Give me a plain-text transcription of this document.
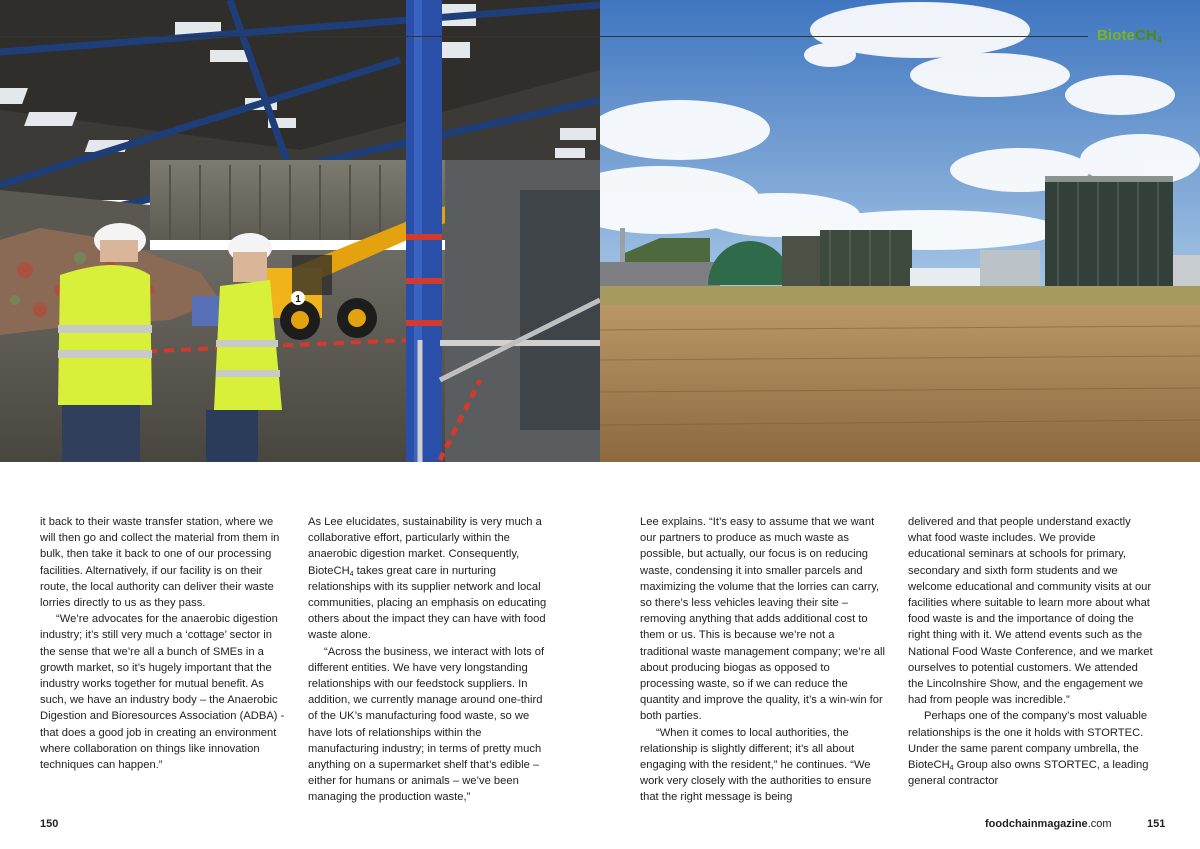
1
BioteCH$_4$

it back to their waste transfer station, where we will then go and collect the material from them in bulk, then take it back to one of our processing facilities. Alternatively, if our facility is on their route, the local authority can deliver their waste lorries directly to us as they pass.

“We’re advocates for the anaerobic digestion industry; it’s still very much a ‘cottage’ sector in the sense that we’re all a bunch of SMEs in a growth market, so it’s hugely important that the industry works together for mutual benefit. As such, we have an industry body – the Anaerobic Digestion and Bioresources Association (ADBA) - that does a good job in creating an environment where collaboration on things like innovation techniques can happen.”

As Lee elucidates, sustainability is very much a collaborative effort, particularly within the anaerobic digestion market. Consequently, BioteCH4 takes great care in nurturing relationships with its supplier network and local communities, placing an emphasis on educating others about the impact they can have with food waste alone.

“Across the business, we interact with lots of different entities. We have very longstanding relationships with our feedstock suppliers. In addition, we currently manage around one-third of the UK’s manufacturing food waste, so we have lots of relationships within the manufacturing industry; in terms of pretty much anything on a supermarket shelf that’s edible – either for humans or animals – we’ve been managing the production waste,”

Lee explains. “It’s easy to assume that we want our partners to produce as much waste as possible, but actually, our focus is on reducing waste, condensing it into smaller parcels and maximizing the volume that the lorries can carry, so there’s less vehicles leaving their site – removing anything that adds additional cost to them or us. This is because we’re not a traditional waste management company; we’re all about producing biogas as opposed to processing waste, so if we can reduce the quantity and improve the quality, it’s a win-win for both parties.

“When it comes to local authorities, the relationship is slightly different; it’s all about engaging with the resident,” he continues. “We work very closely with the authorities to ensure that the right message is being

delivered and that people understand exactly what food waste includes. We provide educational seminars at schools for primary, secondary and sixth form students and we welcome educational and community visits at our facilities where suitable to learn more about what food waste is and the importance of doing the right thing with it. We attend events such as the National Food Waste Conference, and we market ourselves to potential customers. We attended the Lincolnshire Show, and the engagement we had from people was incredible.”

Perhaps one of the company’s most valuable relationships is the one it holds with STORTEC. Under the same parent company umbrella, the BioteCH4 Group also owns STORTEC, a leading general contractor

150	foodchainmagazine.com	151
